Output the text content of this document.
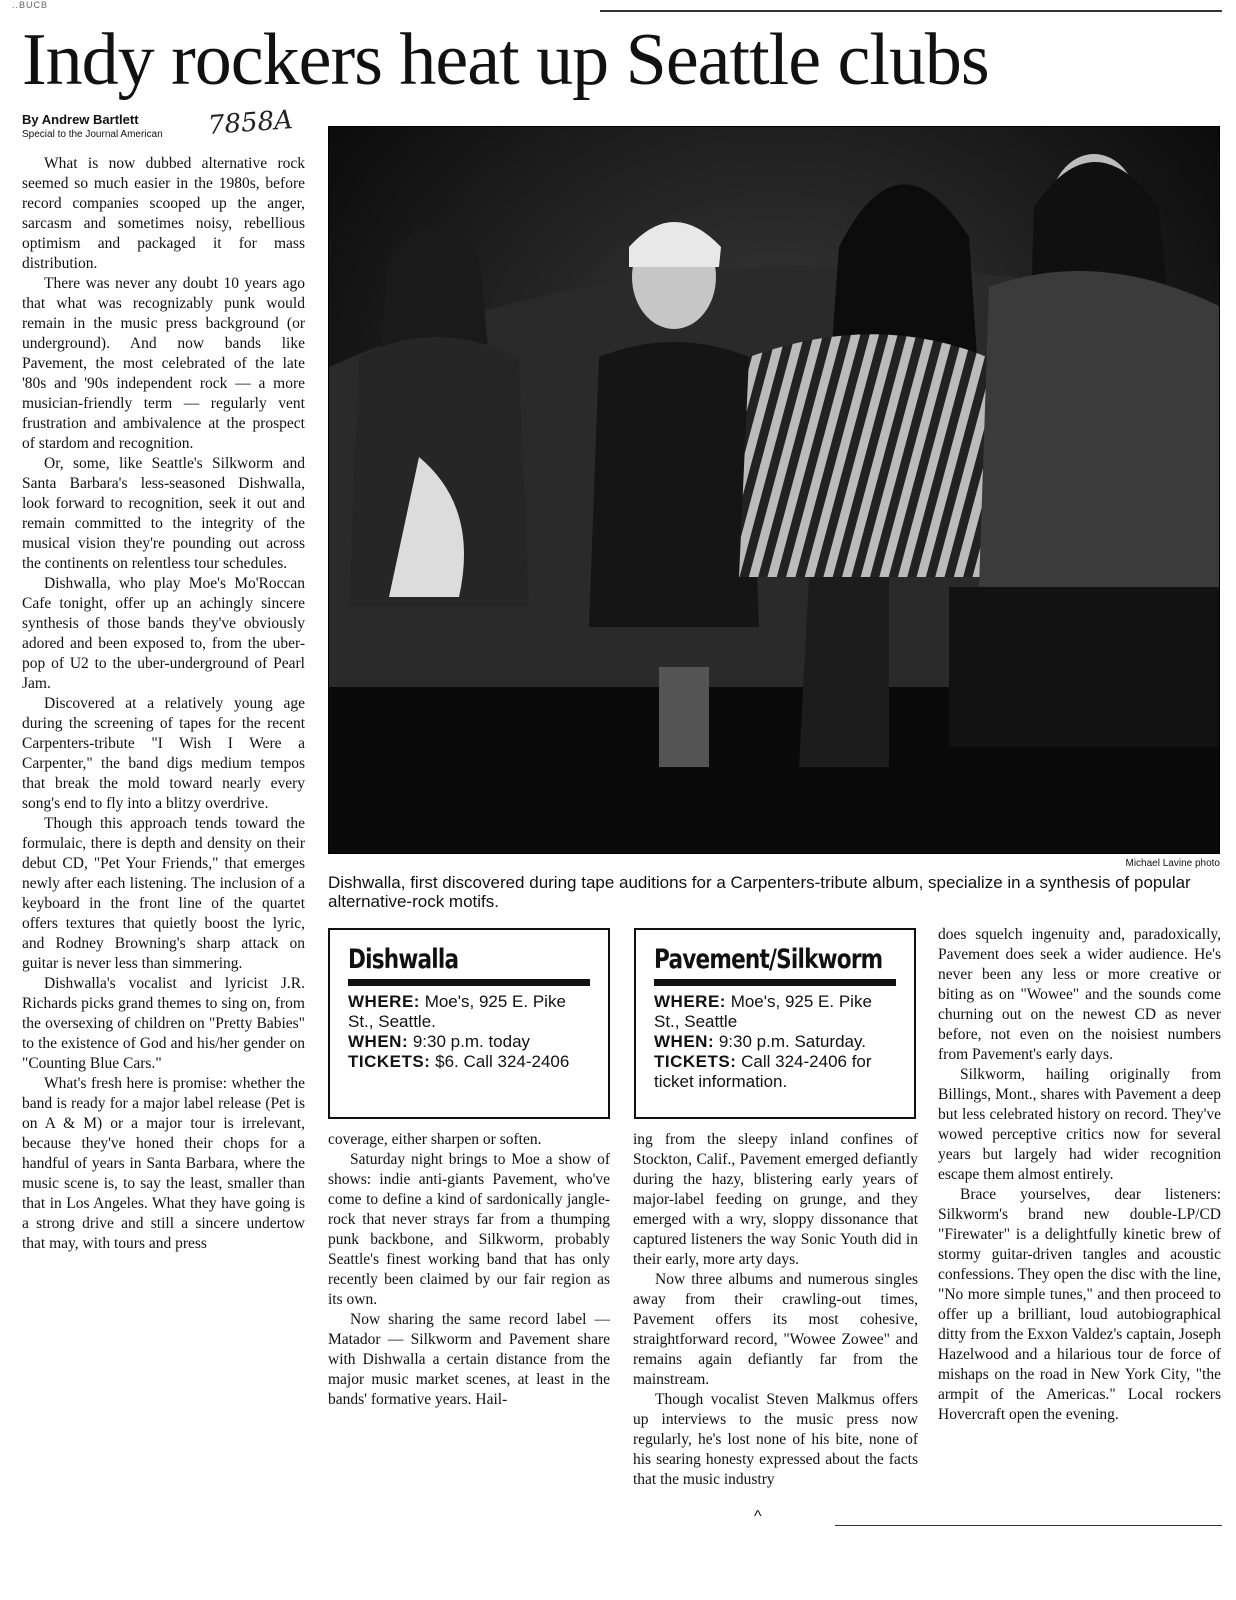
..BUCB
Indy rockers heat up Seattle clubs
By Andrew Bartlett
Special to the Journal American 7858A

What is now dubbed alternative rock seemed so much easier in the 1980s, before record companies scooped up the anger, sarcasm and sometimes noisy, rebellious optimism and packaged it for mass distribution.

There was never any doubt 10 years ago that what was recognizably punk would remain in the music press background (or underground). And now bands like Pavement, the most celebrated of the late '80s and '90s independent rock — a more musician-friendly term — regularly vent frustration and ambivalence at the prospect of stardom and recognition.

Or, some, like Seattle's Silkworm and Santa Barbara's less-seasoned Dishwalla, look forward to recognition, seek it out and remain committed to the integrity of the musical vision they're pounding out across the continents on relentless tour schedules.

Dishwalla, who play Moe's Mo'Roccan Cafe tonight, offer up an achingly sincere synthesis of those bands they've obviously adored and been exposed to, from the uber-pop of U2 to the uber-underground of Pearl Jam.

Discovered at a relatively young age during the screening of tapes for the recent Carpenters-tribute "I Wish I Were a Carpenter," the band digs medium tempos that break the mold toward nearly every song's end to fly into a blitzy overdrive.

Though this approach tends toward the formulaic, there is depth and density on their debut CD, "Pet Your Friends," that emerges newly after each listening. The inclusion of a keyboard in the front line of the quartet offers textures that quietly boost the lyric, and Rodney Browning's sharp attack on guitar is never less than simmering.

Dishwalla's vocalist and lyricist J.R. Richards picks grand themes to sing on, from the oversexing of children on "Pretty Babies" to the existence of God and his/her gender on "Counting Blue Cars."

What's fresh here is promise: whether the band is ready for a major label release (Pet is on A & M) or a major tour is irrelevant, because they've honed their chops for a handful of years in Santa Barbara, where the music scene is, to say the least, smaller than that in Los Angeles. What they have going is a strong drive and still a sincere undertow that may, with tours and press

Michael Lavine photo
Dishwalla, first discovered during tape auditions for a Carpenters-tribute album, specialize in a synthesis of popular alternative-rock motifs.
Dishwalla
WHERE: Moe's, 925 E. Pike St., Seattle.
WHEN: 9:30 p.m. today
TICKETS: $6. Call 324-2406
Pavement/Silkworm
WHERE: Moe's, 925 E. Pike St., Seattle
WHEN: 9:30 p.m. Saturday.
TICKETS: Call 324-2406 for ticket information.

coverage, either sharpen or soften.

Saturday night brings to Moe a show of shows: indie anti-giants Pavement, who've come to define a kind of sardonically jangle-rock that never strays far from a thumping punk backbone, and Silkworm, probably Seattle's finest working band that has only recently been claimed by our fair region as its own.

Now sharing the same record label — Matador — Silkworm and Pavement share with Dishwalla a certain distance from the major music market scenes, at least in the bands' formative years. Hail-

ing from the sleepy inland confines of Stockton, Calif., Pavement emerged defiantly during the hazy, blistering early years of major-label feeding on grunge, and they emerged with a wry, sloppy dissonance that captured listeners the way Sonic Youth did in their early, more arty days.

Now three albums and numerous singles away from their crawling-out times, Pavement offers its most cohesive, straightforward record, "Wowee Zowee" and remains again defiantly far from the mainstream.

Though vocalist Steven Malkmus offers up interviews to the music press now regularly, he's lost none of his bite, none of his searing honesty expressed about the facts that the music industry

does squelch ingenuity and, paradoxically, Pavement does seek a wider audience. He's never been any less or more creative or biting as on "Wowee" and the sounds come churning out on the newest CD as never before, not even on the noisiest numbers from Pavement's early days.

Silkworm, hailing originally from Billings, Mont., shares with Pavement a deep but less celebrated history on record. They've wowed perceptive critics now for several years but largely had wider recognition escape them almost entirely.

Brace yourselves, dear listeners: Silkworm's brand new double-LP/CD "Firewater" is a delightfully kinetic brew of stormy guitar-driven tangles and acoustic confessions. They open the disc with the line, "No more simple tunes," and then proceed to offer up a brilliant, loud autobiographical ditty from the Exxon Valdez's captain, Joseph Hazelwood and a hilarious tour de force of mishaps on the road in New York City, "the armpit of the Americas." Local rockers Hovercraft open the evening.

^
